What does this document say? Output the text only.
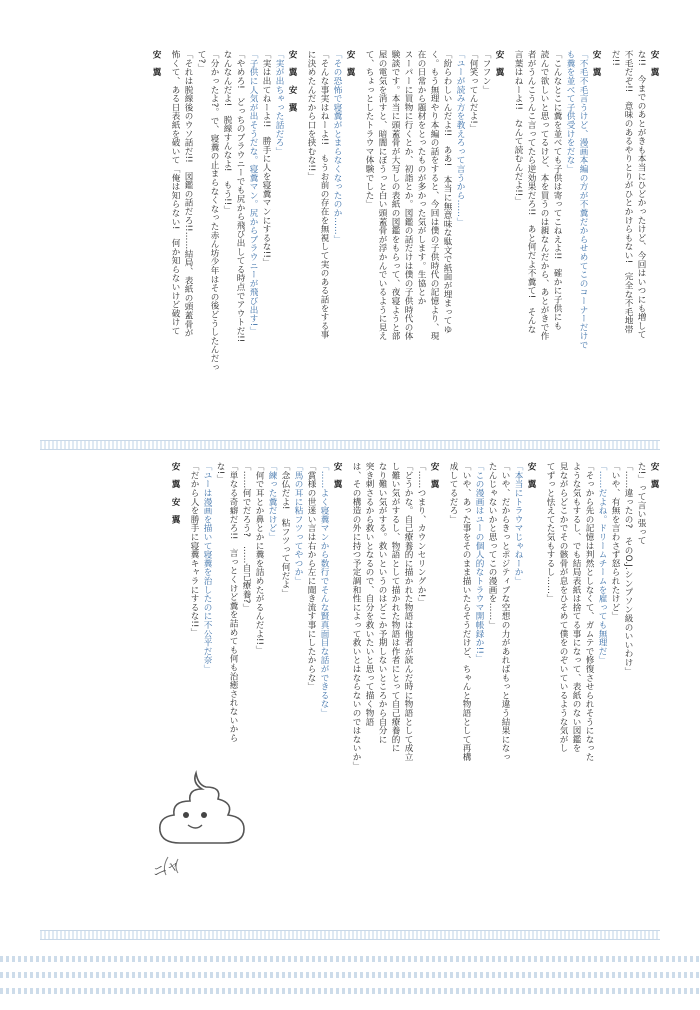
安　翼
な!!　今までのあとがきも本当にひどかったけど、今回はいつにも増して
不毛だぞ!!　意味のあるやりとりがひとかけらもない!　完全な不毛地帯
だ!!
安　翼
「不毛不毛言うけど、漫画本編の方が不糞だからせめてこのコーナーだけで
も糞を並べて子供受けをだな」
「こんなとこに糞を並べても子供は寄ってこねえよ!!　確かに子供にも
読んで欲しいと思ってるけど、本を買うのは親なんだから、あとがきで作
者がうんこうんこ言ってたら逆効果だろ!!　あと何だよ不糞て!　そんな
言葉はねーよ!!　なんて読むんだよ!!」
安　翼
「フフン」
「何笑ってんだよ!」
「ユーが読み方を教えろって言うから……」
「紛らわしいんだよ!!　ああ!　本当に無意味な駄文で紙面が埋まってゆ
く。もう無理やり本編の話をすると、今回は僕の子供時代の記憶より、現
在の日常から題材をとったものが多かった気がします。生協とか
スーパーに買物に行くとか、初詣とか。図鑑の話だけは僕の子供時代の体
験談です。本当に頭蓋骨が大写しの表紙の図鑑をもらって、夜寝ようと部
屋の電気を消すと、暗闇にぼうっと白い頭蓋骨が浮かんでいるように見え
て、ちょっとしたトラウマ体験でした」
安　翼
「その恐怖で寝糞がとまらなくなったのか……」
「そんな事実はねーよ!!　もうお前の存在を無視して実のある話をする事
に決めたんだから口を挟むな!!」
安　翼　安　翼
「実が出ちゃった話だろ」
「実は出てねーよ!!　勝手に人を寝糞マンにするな!!」
「子供に人気が出そうだな。寝糞マン。尻からブラウニーが飛び出す!」
「やめろ!　どっちのブラウニーでも尻から飛び出してる時点でアウトだ!!
なんなんだよ!　脱線すんなよ!　もう!!」
「分かったよ?。で、寝糞の止まらなくなった赤ん坊少年はその後どうしたんだっ
て?」
「それは脱線後のウソ話だ!!　図鑑の話だろ!!……結局、表紙の頭蓋骨が
怖くて、ある日表紙を破いて「俺は知らない!　何か知らないけど破けて
安　翼
安　翼
た!」って言い張って
「……違ったの?　そのO.J.シンプソン級のいいわけ」
「いや、有無を言わさず怒られたけど」
「……だよね。ドリームチームを雇っても無理だ」
「そっから先の記憶は判然としなくて、ガムテで修復させられそうになった
ような気もするし、でも結局表紙は捨てる事になって、表紙のない図鑑を
見ながらどこかでその骸骨が息をひそめて僕をのぞいているような気がし
てずっと怯えてた気もするし……」
安　翼
「本当にトラウマじゃねーか」
「いや、だからきっとポジティブな空想の力があればもっと違う結果になっ
たんじゃないかと思ってこの漫画を……」
「この漫画はユーの個人的なトラウマ開帳録か!!」
「いや、あった事をそのまま描いたらそうだけど、ちゃんと物語として再構
成してるだろ」
安　翼
「……つまり、カウンセリングか!」
「どうかな。自己療養的に描かれた物語は他者が読んだ時に物語として成立
し難い気がするし、物語として描かれた物語は作者にとって自己療養的に
なり難い気がする。救いというのはどこか予期しないところから自分に
突き刺さるから救いとなるので、自分を救いたいと思って描く物語
は、その構造の外に持つ予定調和性によって救いとはならないのではないか」
安　翼
「……よく寝糞マンから数行でそんな賢真面目な話ができるな」
「賞様の世迷い言は右から左に聞き流す事にしたからな」
「馬の耳に粘フツってやつか」
「念仏だよ!　粘フツって何だよ」
「練った糞だけど」
「何で耳とか鼻とかに糞を詰めたがるんだよ!!」
「……何でだろう?　……自己療養?」
「単なる奇癖だろ!!　言っとくけど糞を詰めても何も治癒されないから
な!」
「ユーは漫画を描いて寝糞を治したのに不公平だ奈」
「だから人を勝手に寝糞キャラにするな!!」
安　翼　安　翼
ニャ
